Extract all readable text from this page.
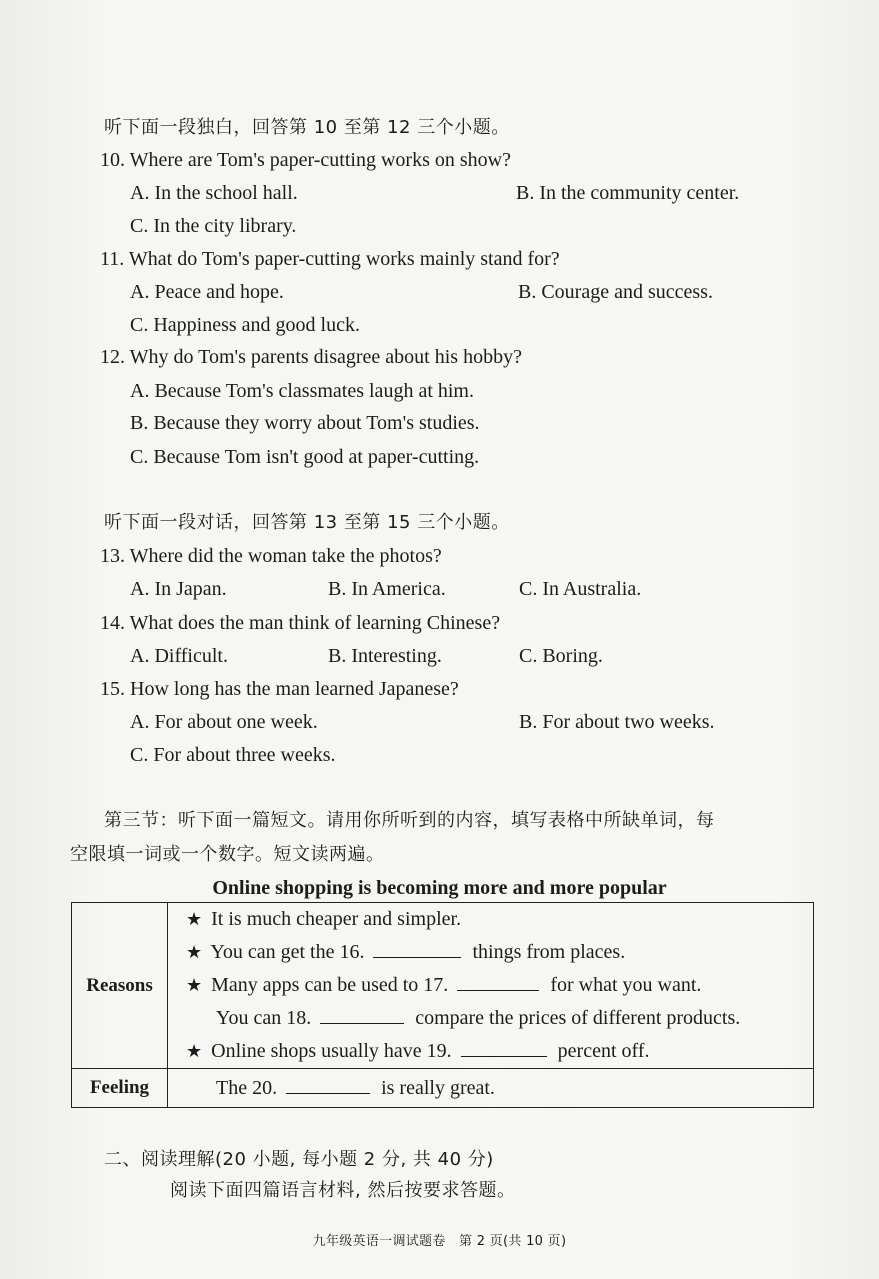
听下面一段独白，回答第 10 至第 12 三个小题。
10. Where are Tom's paper-cutting works on show?
A. In the school hall.	B. In the community center.
C. In the city library.
11. What do Tom's paper-cutting works mainly stand for?
A. Peace and hope.	B. Courage and success.
C. Happiness and good luck.
12. Why do Tom's parents disagree about his hobby?
A. Because Tom's classmates laugh at him.
B. Because they worry about Tom's studies.
C. Because Tom isn't good at paper-cutting.
听下面一段对话，回答第 13 至第 15 三个小题。
13. Where did the woman take the photos?
A. In Japan.	B. In America.	C. In Australia.
14. What does the man think of learning Chinese?
A. Difficult.	B. Interesting.	C. Boring.
15. How long has the man learned Japanese?
A. For about one week.	B. For about two weeks.
C. For about three weeks.
第三节：听下面一篇短文。请用你所听到的内容，填写表格中所缺单词，每
空限填一词或一个数字。短文读两遍。
Online shopping is becoming more and more popular
Reasons	★ It is much cheaper and simpler.
★ You can get the 16. things from places.
★ Many apps can be used to 17. for what you want.
You can 18. compare the prices of different products.
★ Online shops usually have 19. percent off.

Feeling	The 20. is really great.
二、阅读理解(20 小题, 每小题 2 分, 共 40 分)
阅读下面四篇语言材料, 然后按要求答题。
九年级英语一调试题卷　第 2 页(共 10 页)
